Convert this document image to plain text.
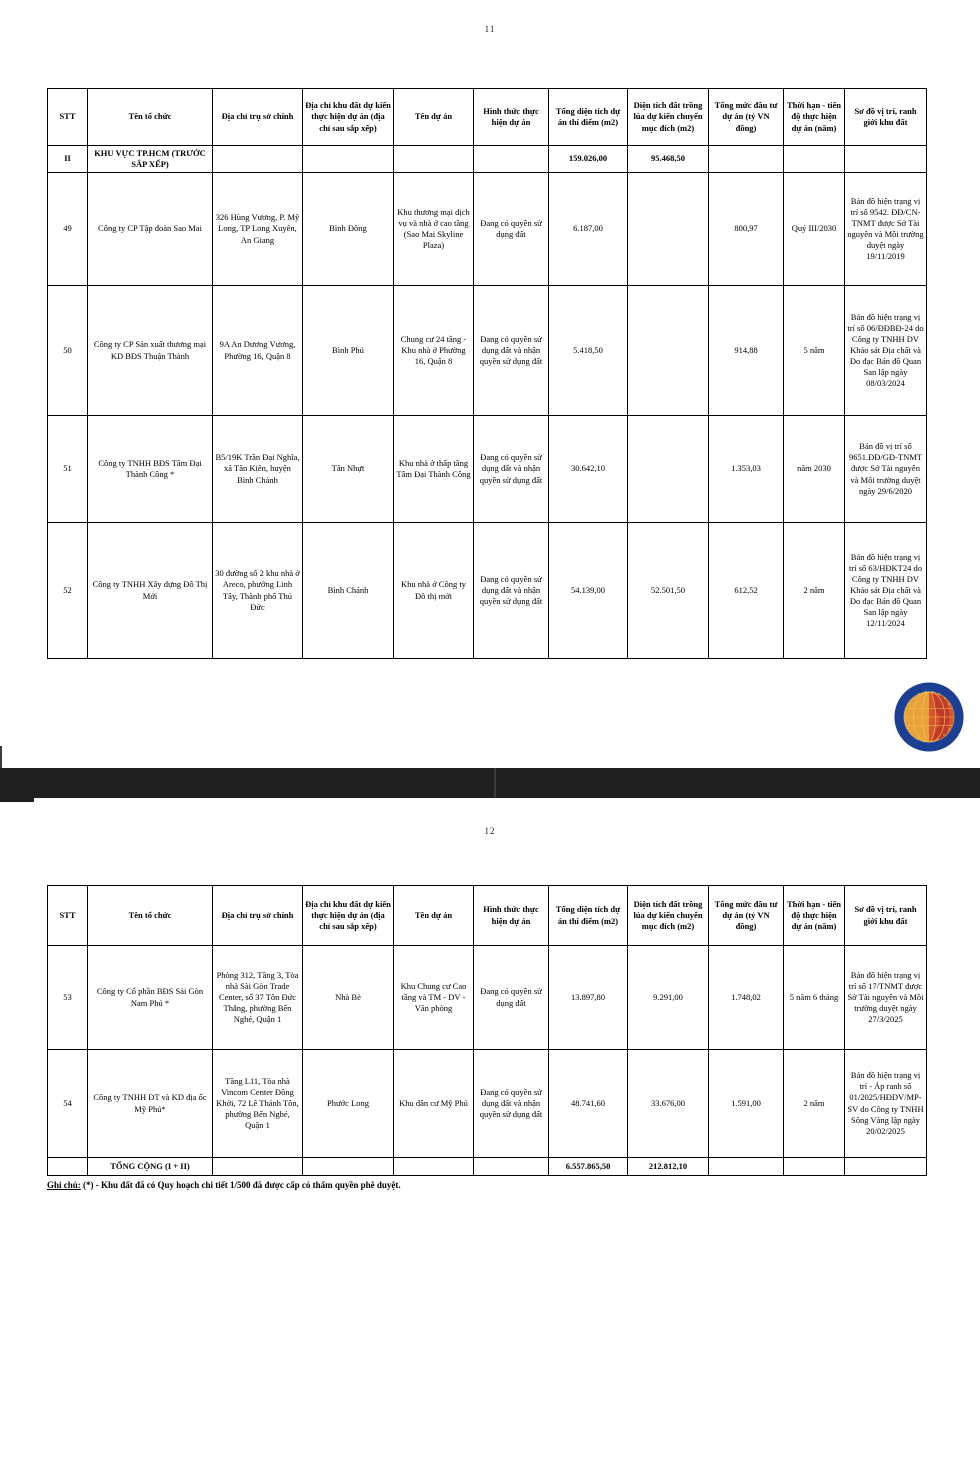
11
STT	Tên tổ chức	Địa chỉ trụ sở chính	Địa chỉ khu đất dự kiến thực hiện dự án (địa chỉ sau sắp xếp)	Tên dự án	Hình thức thực hiện dự án	Tổng diện tích dự án thí điểm (m2)	Diện tích đất trồng lúa dự kiến chuyển mục đích (m2)	Tổng mức đầu tư dự án (tỷ VN đồng)	Thời hạn - tiến độ thực hiện dự án (năm)	Sơ đồ vị trí, ranh giới khu đất
II	KHU VỰC TP.HCM (TRƯỚC SẮP XẾP)					159.026,00	95.468,50			
49	Công ty CP Tập đoàn Sao Mai	326 Hùng Vương, P. Mỹ Long, TP Long Xuyên, An Giang	Bình Đông	Khu thương mại dịch vụ và nhà ở cao tầng (Sao Mai Skyline Plaza)	Đang có quyền sử dụng đất	6.187,00		800,97	Quý III/2030	Bản đồ hiện trạng vị trí số 9542. ĐĐ/CN-TNMT được Sở Tài nguyên và Môi trường duyệt ngày 19/11/2019
50	Công ty CP Sản xuất thương mại KD BĐS Thuận Thành	9A An Dương Vương, Phường 16, Quận 8	Bình Phú	Chung cư 24 tầng - Khu nhà ở Phường 16, Quận 8	Đang có quyền sử dụng đất và nhận quyền sử dụng đất	5.418,50		914,88	5 năm	Bản đồ hiện trạng vị trí số 06/ĐĐBĐ-24 do Công ty TNHH DV Khảo sát Địa chất và Đo đạc Bản đồ Quan San lập ngày 08/03/2024
51	Công ty TNHH BĐS Tâm Đại Thành Công *	B5/19K Trần Đại Nghĩa, xã Tân Kiên, huyện Bình Chánh	Tân Nhựt	Khu nhà ở thấp tầng Tâm Đại Thành Công	Đang có quyền sử dụng đất và nhận quyền sử dụng đất	30.642,10		1.353,03	năm 2030	Bản đồ vị trí số 9651.ĐĐ/GĐ-TNMT được Sở Tài nguyên và Môi trường duyệt ngày 29/6/2020
52	Công ty TNHH Xây dựng Đô Thị Mới	30 đường số 2 khu nhà ở Areco, phường Linh Tây, Thành phố Thủ Đức	Bình Chánh	Khu nhà ở Công ty Đô thị mới	Đang có quyền sử dụng đất và nhận quyền sử dụng đất	54.139,00	52.501,50	612,52	2 năm	Bản đồ hiện trạng vị trí số 63/HĐKT24 do Công ty TNHH DV Khảo sát Địa chất và Đo đạc Bản đồ Quan San lập ngày 12/11/2024
12
STT	Tên tổ chức	Địa chỉ trụ sở chính	Địa chỉ khu đất dự kiến thực hiện dự án (địa chỉ sau sắp xếp)	Tên dự án	Hình thức thực hiện dự án	Tổng diện tích dự án thí điểm (m2)	Diện tích đất trồng lúa dự kiến chuyển mục đích (m2)	Tổng mức đầu tư dự án (tỷ VN đồng)	Thời hạn - tiến độ thực hiện dự án (năm)	Sơ đồ vị trí, ranh giới khu đất
53	Công ty Cổ phần BĐS Sài Gòn Nam Phú *	Phòng 312, Tầng 3, Tòa nhà Sài Gòn Trade Center, số 37 Tôn Đức Thắng, phường Bến Nghé, Quận 1	Nhà Bè	Khu Chung cư Cao tầng và TM - DV - Văn phòng	Đang có quyền sử dụng đất	13.897,80	9.291,00	1.748,02	5 năm 6 tháng	Bản đồ hiện trạng vị trí số 17/TNMT được Sở Tài nguyên và Môi trường duyệt ngày 27/3/2025
54	Công ty TNHH ĐT và KD địa ốc Mỹ Phú*	Tầng L11, Tòa nhà Vincom Center Đồng Khởi, 72 Lê Thánh Tôn, phường Bến Nghé, Quận 1	Phước Long	Khu dân cư Mỹ Phú	Đang có quyền sử dụng đất và nhận quyền sử dụng đất	48.741,60	33.676,00	1.591,00	2 năm	Bản đồ hiện trạng vị trí - Áp ranh số 01/2025/HĐDV/MP-SV do Công ty TNHH Sông Vàng lập ngày 20/02/2025
	TỔNG CỘNG (I + II)					6.557.865,50	212.812,10			
Ghi chú: (*) - Khu đất đã có Quy hoạch chi tiết 1/500 đã được cấp có thẩm quyền phê duyệt.
